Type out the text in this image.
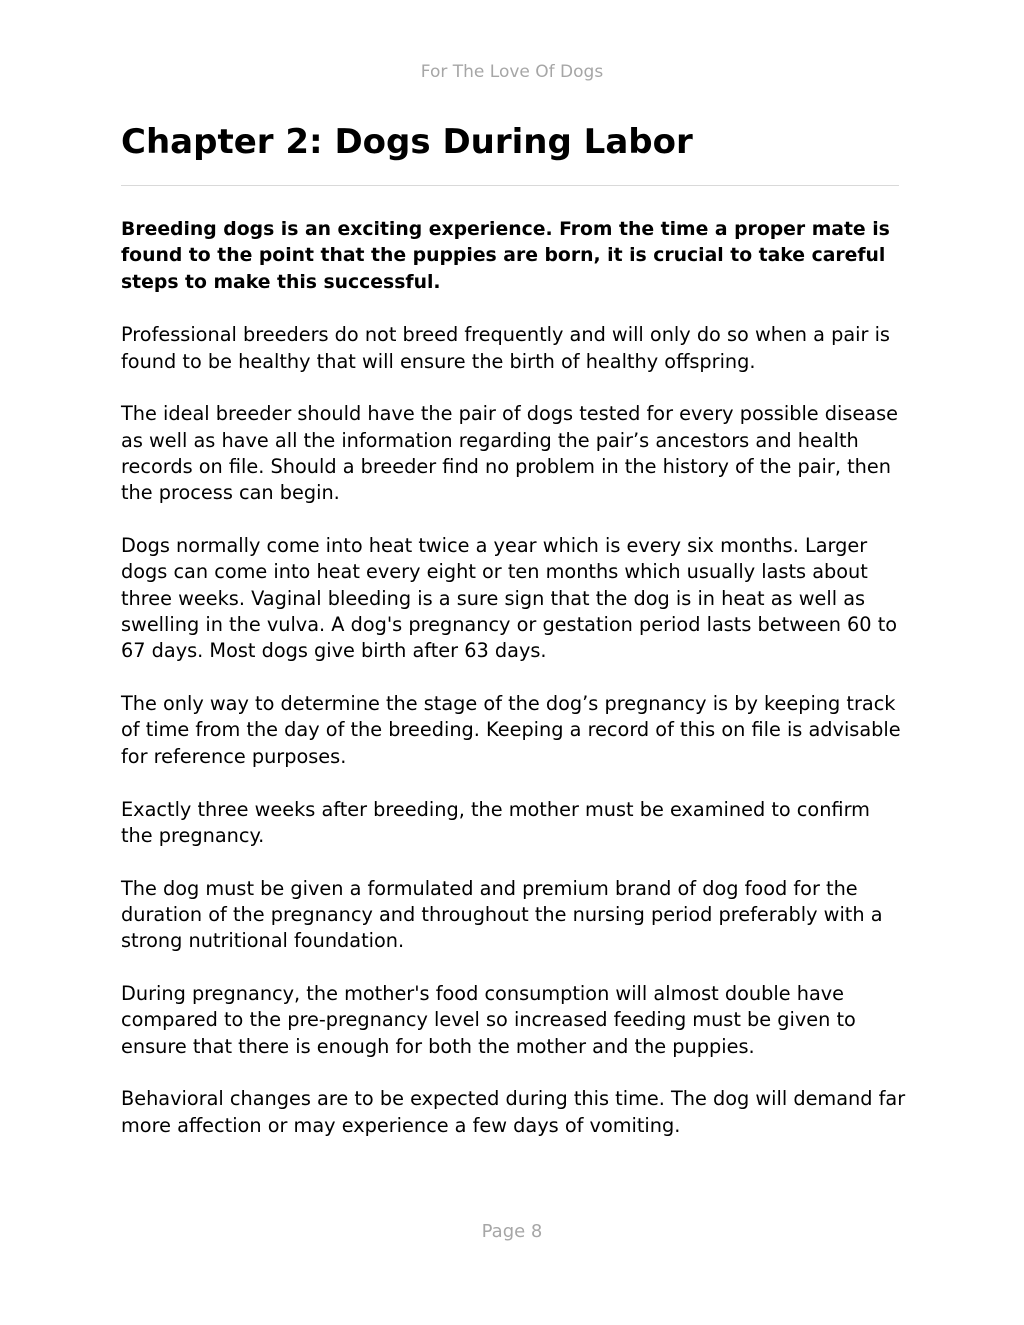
For The Love Of Dogs
Chapter 2: Dogs During Labor

Breeding dogs is an exciting experience. From the time a proper mate is found to the point that the puppies are born, it is crucial to take careful steps to make this successful.

Professional breeders do not breed frequently and will only do so when a pair is found to be healthy that will ensure the birth of healthy offspring.

The ideal breeder should have the pair of dogs tested for every possible disease as well as have all the information regarding the pair’s ancestors and health records on file. Should a breeder find no problem in the history of the pair, then the process can begin.

Dogs normally come into heat twice a year which is every six months. Larger dogs can come into heat every eight or ten months which usually lasts about three weeks. Vaginal bleeding is a sure sign that the dog is in heat as well as swelling in the vulva. A dog's pregnancy or gestation period lasts between 60 to 67 days. Most dogs give birth after 63 days.

The only way to determine the stage of the dog’s pregnancy is by keeping track of time from the day of the breeding. Keeping a record of this on file is advisable for reference purposes.

Exactly three weeks after breeding, the mother must be examined to confirm the pregnancy.

The dog must be given a formulated and premium brand of dog food for the duration of the pregnancy and throughout the nursing period preferably with a strong nutritional foundation.

During pregnancy, the mother's food consumption will almost double have compared to the pre-pregnancy level so increased feeding must be given to ensure that there is enough for both the mother and the puppies.

Behavioral changes are to be expected during this time. The dog will demand far more affection or may experience a few days of vomiting.

Page 8
